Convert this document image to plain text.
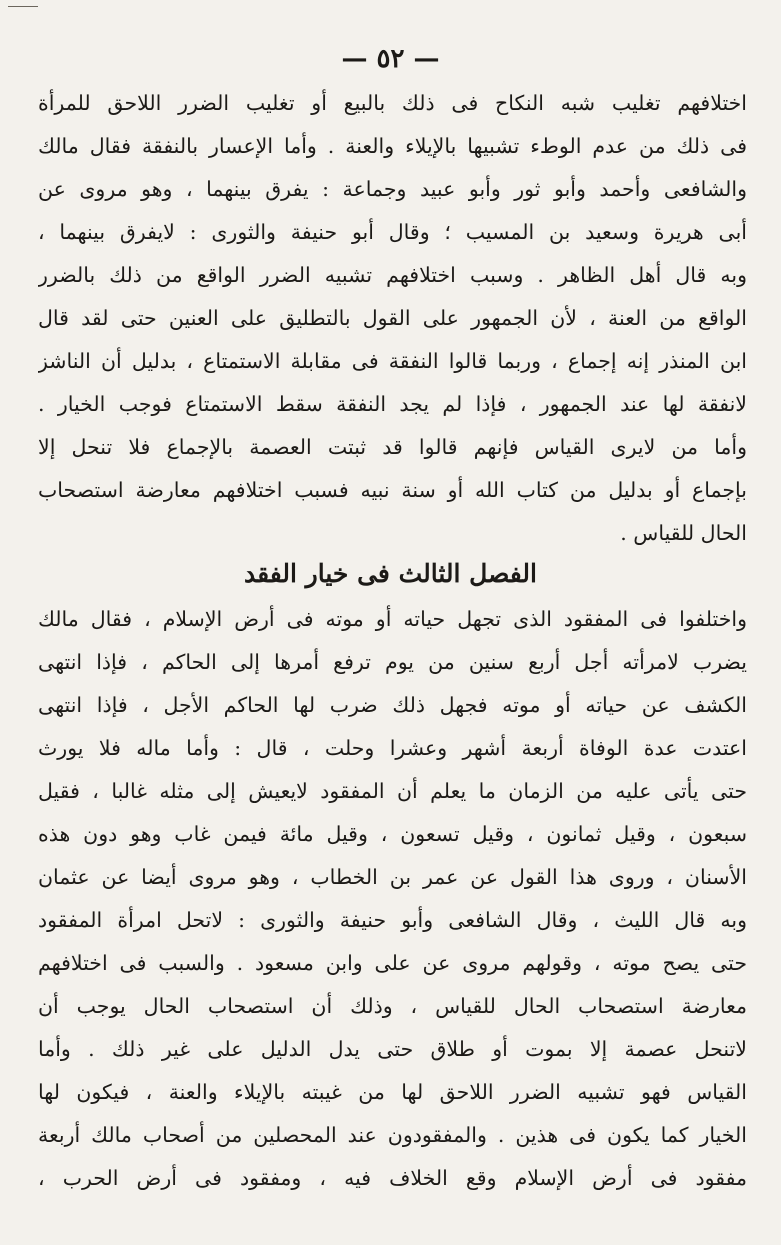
— ٥٢ —
اختلافهم تغليب شبه النكاح فى ذلك بالبيع أو تغليب الضرر اللاحق للمرأة
فى ذلك من عدم الوطء تشبيها بالإيلاء والعنة . وأما الإعسار بالنفقة فقال مالك
والشافعى وأحمد وأبو ثور وأبو عبيد وجماعة : يفرق بينهما ، وهو مروى عن
أبى هريرة وسعيد بن المسيب ؛ وقال أبو حنيفة والثورى : لايفرق بينهما ،
وبه قال أهل الظاهر . وسبب اختلافهم تشبيه الضرر الواقع من ذلك بالضرر
الواقع من العنة ، لأن الجمهور على القول بالتطليق على العنين حتى لقد قال
ابن المنذر إنه إجماع ، وربما قالوا النفقة فى مقابلة الاستمتاع ، بدليل أن الناشز
لانفقة لها عند الجمهور ، فإذا لم يجد النفقة سقط الاستمتاع فوجب الخيار .
وأما من لايرى القياس فإنهم قالوا قد ثبتت العصمة بالإجماع فلا تنحل إلا
بإجماع أو بدليل من كتاب الله أو سنة نبيه فسبب اختلافهم معارضة استصحاب
الحال للقياس .
الفصل الثالث فى خيار الفقد
واختلفوا فى المفقود الذى تجهل حياته أو موته فى أرض الإسلام ، فقال مالك
يضرب لامرأته أجل أربع سنين من يوم ترفع أمرها إلى الحاكم ، فإذا انتهى
الكشف عن حياته أو موته فجهل ذلك ضرب لها الحاكم الأجل ، فإذا انتهى
اعتدت عدة الوفاة أربعة أشهر وعشرا وحلت ، قال : وأما ماله فلا يورث
حتى يأتى عليه من الزمان ما يعلم أن المفقود لايعيش إلى مثله غالبا ، فقيل
سبعون ، وقيل ثمانون ، وقيل تسعون ، وقيل مائة فيمن غاب وهو دون هذه
الأسنان ، وروى هذا القول عن عمر بن الخطاب ، وهو مروى أيضا عن عثمان
وبه قال الليث ، وقال الشافعى وأبو حنيفة والثورى : لاتحل امرأة المفقود
حتى يصح موته ، وقولهم مروى عن على وابن مسعود . والسبب فى اختلافهم
معارضة استصحاب الحال للقياس ، وذلك أن استصحاب الحال يوجب أن
لاتنحل عصمة إلا بموت أو طلاق حتى يدل الدليل على غير ذلك . وأما
القياس فهو تشبيه الضرر اللاحق لها من غيبته بالإيلاء والعنة ، فيكون لها
الخيار كما يكون فى هذين . والمفقودون عند المحصلين من أصحاب مالك أربعة
مفقود فى أرض الإسلام وقع الخلاف فيه ، ومفقود فى أرض الحرب ،
